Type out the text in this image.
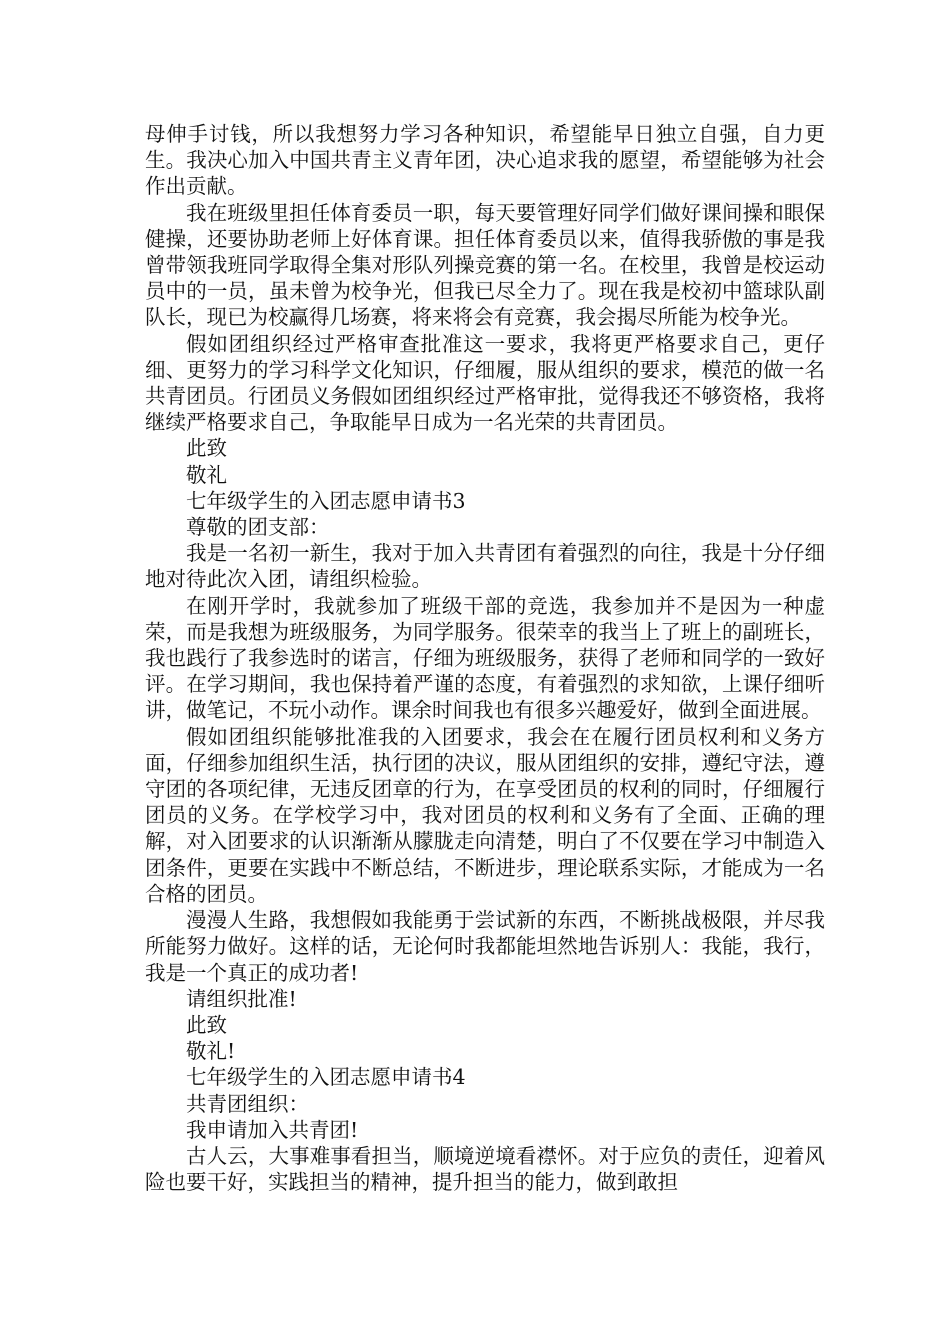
母伸手讨钱，所以我想努力学习各种知识，希望能早日独立自强，自力更生。我决心加入中国共青主义青年团，决心追求我的愿望，希望能够为社会作出贡献。

我在班级里担任体育委员一职，每天要管理好同学们做好课间操和眼保健操，还要协助老师上好体育课。担任体育委员以来，值得我骄傲的事是我曾带领我班同学取得全集对形队列操竞赛的第一名。在校里，我曾是校运动员中的一员，虽未曾为校争光，但我已尽全力了。现在我是校初中篮球队副队长，现已为校赢得几场赛，将来将会有竞赛，我会揭尽所能为校争光。

假如团组织经过严格审查批准这一要求，我将更严格要求自己，更仔细、更努力的学习科学文化知识，仔细履，服从组织的要求，模范的做一名共青团员。行团员义务假如团组织经过严格审批，觉得我还不够资格，我将继续严格要求自己，争取能早日成为一名光荣的共青团员。

此致

敬礼

七年级学生的入团志愿申请书3

尊敬的团支部：

我是一名初一新生，我对于加入共青团有着强烈的向往，我是十分仔细地对待此次入团，请组织检验。

在刚开学时，我就参加了班级干部的竞选，我参加并不是因为一种虚荣，而是我想为班级服务，为同学服务。很荣幸的我当上了班上的副班长，我也践行了我参选时的诺言，仔细为班级服务，获得了老师和同学的一致好评。在学习期间，我也保持着严谨的态度，有着强烈的求知欲，上课仔细听讲，做笔记，不玩小动作。课余时间我也有很多兴趣爱好，做到全面进展。

假如团组织能够批准我的入团要求，我会在在履行团员权利和义务方面，仔细参加组织生活，执行团的决议，服从团组织的安排，遵纪守法，遵守团的各项纪律，无违反团章的行为，在享受团员的权利的同时，仔细履行团员的义务。在学校学习中，我对团员的权利和义务有了全面、正确的理解，对入团要求的认识渐渐从朦胧走向清楚，明白了不仅要在学习中制造入团条件，更要在实践中不断总结，不断进步，理论联系实际，才能成为一名合格的团员。

漫漫人生路，我想假如我能勇于尝试新的东西，不断挑战极限，并尽我所能努力做好。这样的话，无论何时我都能坦然地告诉别人：我能，我行，我是一个真正的成功者!

请组织批准!

此致

敬礼!

七年级学生的入团志愿申请书4

共青团组织：

我申请加入共青团!

古人云，大事难事看担当，顺境逆境看襟怀。对于应负的责任，迎着风险也要干好，实践担当的精神，提升担当的能力，做到敢担
